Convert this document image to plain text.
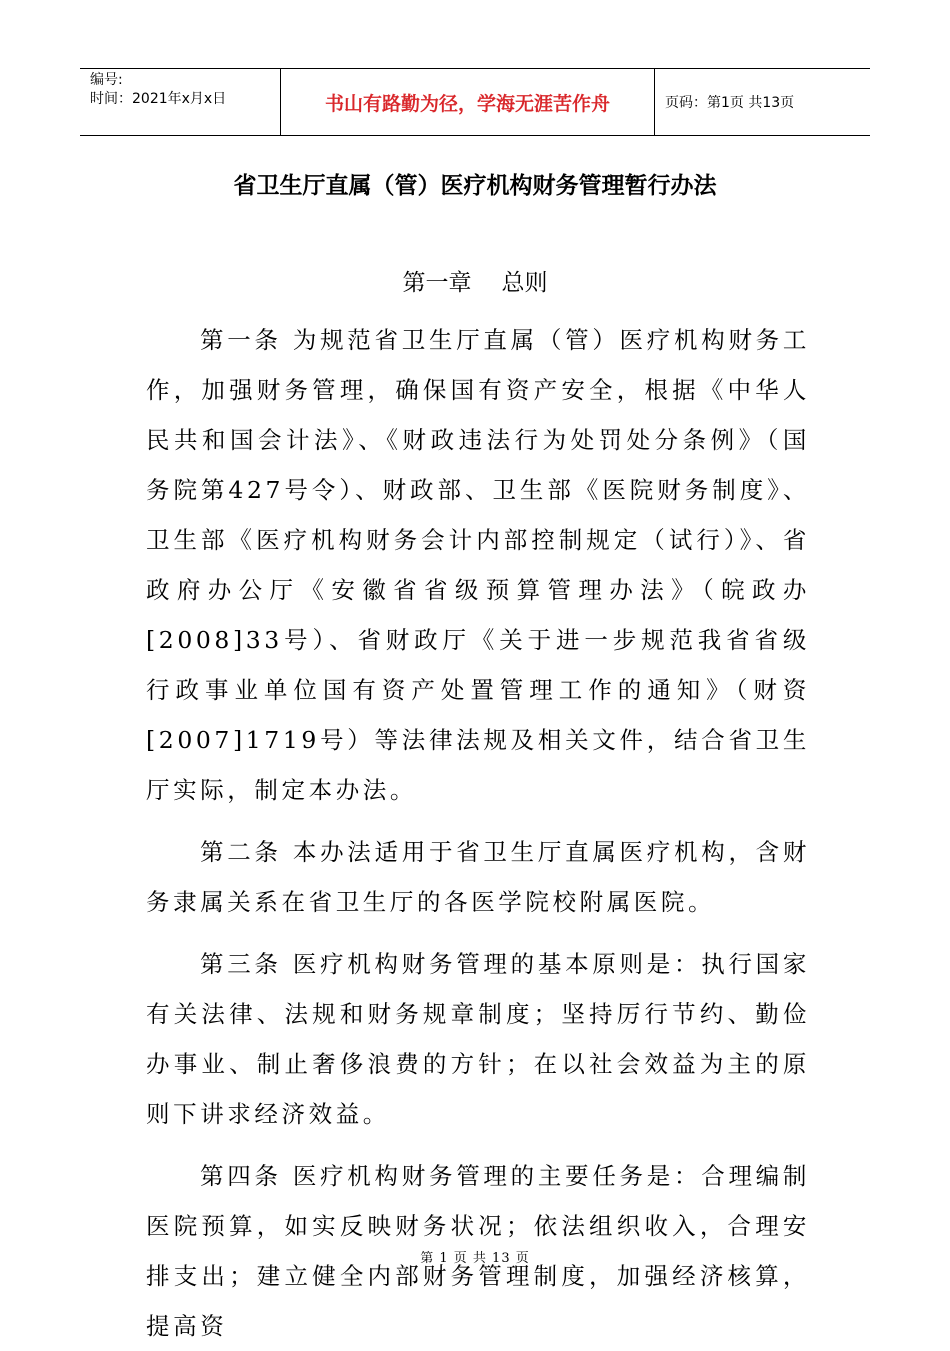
编号:
时间：2021年x月x日	书山有路勤为径，学海无涯苦作舟	页码：第1页 共13页
省卫生厅直属（管）医疗机构财务管理暂行办法
第一章 总则

第一条 为规范省卫生厅直属（管）医疗机构财务工作，加强财务管理，确保国有资产安全，根据《中华人民共和国会计法》、《财政违法行为处罚处分条例》（国务院第427号令）、财政部、卫生部《医院财务制度》、卫生部《医疗机构财务会计内部控制规定（试行）》、省政府办公厅《安徽省省级预算管理办法》（皖政办[2008]33号）、省财政厅《关于进一步规范我省省级行政事业单位国有资产处置管理工作的通知》（财资[2007]1719号）等法律法规及相关文件，结合省卫生厅实际，制定本办法。

第二条 本办法适用于省卫生厅直属医疗机构，含财务隶属关系在省卫生厅的各医学院校附属医院。

第三条 医疗机构财务管理的基本原则是：执行国家有关法律、法规和财务规章制度；坚持厉行节约、勤俭办事业、制止奢侈浪费的方针；在以社会效益为主的原则下讲求经济效益。

第四条 医疗机构财务管理的主要任务是：合理编制医院预算，如实反映财务状况；依法组织收入，合理安排支出；建立健全内部财务管理制度，加强经济核算，提高资

第 1 页 共 13 页
